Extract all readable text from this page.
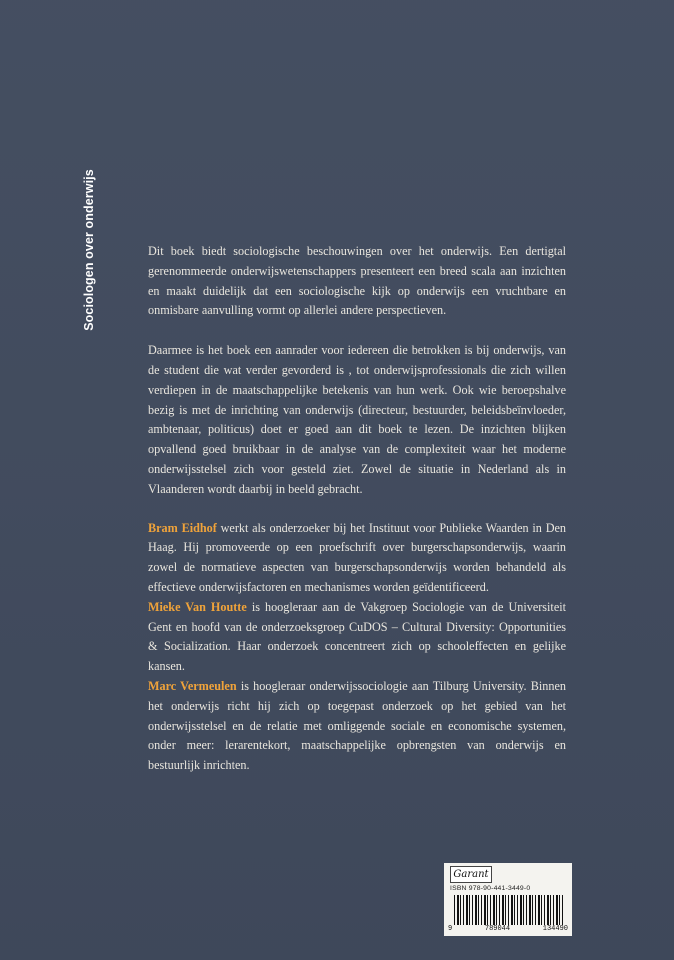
Sociologen over onderwijs	Dit boek biedt sociologische beschouwingen over het onderwijs. Een dertigtal gerenommeerde onderwijswetenschappers presenteert een breed scala aan inzichten en maakt duidelijk dat een sociologische kijk op onderwijs een vruchtbare en onmisbare aanvulling vormt op allerlei andere perspectieven.

Daarmee is het boek een aanrader voor iedereen die betrokken is bij onderwijs, van de student die wat verder gevorderd is , tot onderwijsprofessionals die zich willen verdiepen in de maatschappelijke betekenis van hun werk. Ook wie beroepshalve bezig is met de inrichting van onderwijs (directeur, bestuurder, beleidsbeïnvloeder, ambtenaar, politicus) doet er goed aan dit boek te lezen. De inzichten blijken opvallend goed bruikbaar in de analyse van de complexiteit waar het moderne onderwijsstelsel zich voor gesteld ziet. Zowel de situatie in Nederland als in Vlaanderen wordt daarbij in beeld gebracht.

Bram Eidhof werkt als onderzoeker bij het Instituut voor Publieke Waarden in Den Haag. Hij promoveerde op een proefschrift over burgerschapsonderwijs, waarin zowel de normatieve aspecten van burgerschapsonderwijs worden behandeld als effectieve onderwijsfactoren en mechanismes worden geïdentificeerd.

Mieke Van Houtte is hoogleraar aan de Vakgroep Sociologie van de Universiteit Gent en hoofd van de onderzoeksgroep CuDOS – Cultural Diversity: Opportunities & Socialization. Haar onderzoek concentreert zich op schooleffecten en gelijke kansen.

Marc Vermeulen is hoogleraar onderwijssociologie aan Tilburg University. Binnen het onderwijs richt hij zich op toegepast onderzoek op het gebied van het onderwijsstelsel en de relatie met omliggende sociale en economische systemen, onder meer: lerarentekort, maatschappelijke opbrengsten van onderwijs en bestuurlijk inrichten.

Garant
ISBN 978-90-441-3449-0
9	789044	134490
